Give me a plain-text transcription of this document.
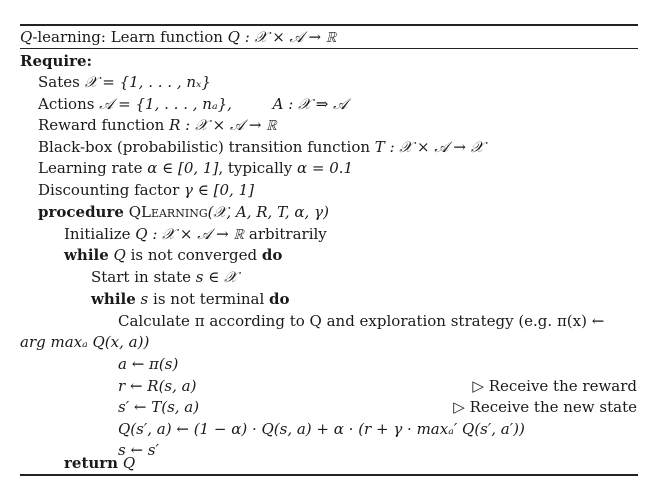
Q-learning: Learn function Q : 𝒳 × 𝒜 → ℝ
Require:
Sates 𝒳 = {1, . . . , nₓ}
Actions 𝒜 = {1, . . . , nₐ},	A : 𝒳 ⇒ 𝒜
Reward function R : 𝒳 × 𝒜 → ℝ
Black-box (probabilistic) transition function T : 𝒳 × 𝒜 → 𝒳
Learning rate α ∈ [0, 1], typically α = 0.1
Discounting factor γ ∈ [0, 1]
procedure QLearning(𝒳, A, R, T, α, γ)
Initialize Q : 𝒳 × 𝒜 → ℝ arbitrarily
while Q is not converged do
Start in state s ∈ 𝒳
while s is not terminal do
Calculate π according to Q and exploration strategy (e.g. π(x) ←
arg maxₐ Q(x, a))
a ← π(s)
r ← R(s, a)	▷ Receive the reward
s′ ← T(s, a)	▷ Receive the new state
Q(s′, a) ← (1 − α) · Q(s, a) + α · (r + γ · maxₐ′ Q(s′, a′))
s ← s′
return Q
